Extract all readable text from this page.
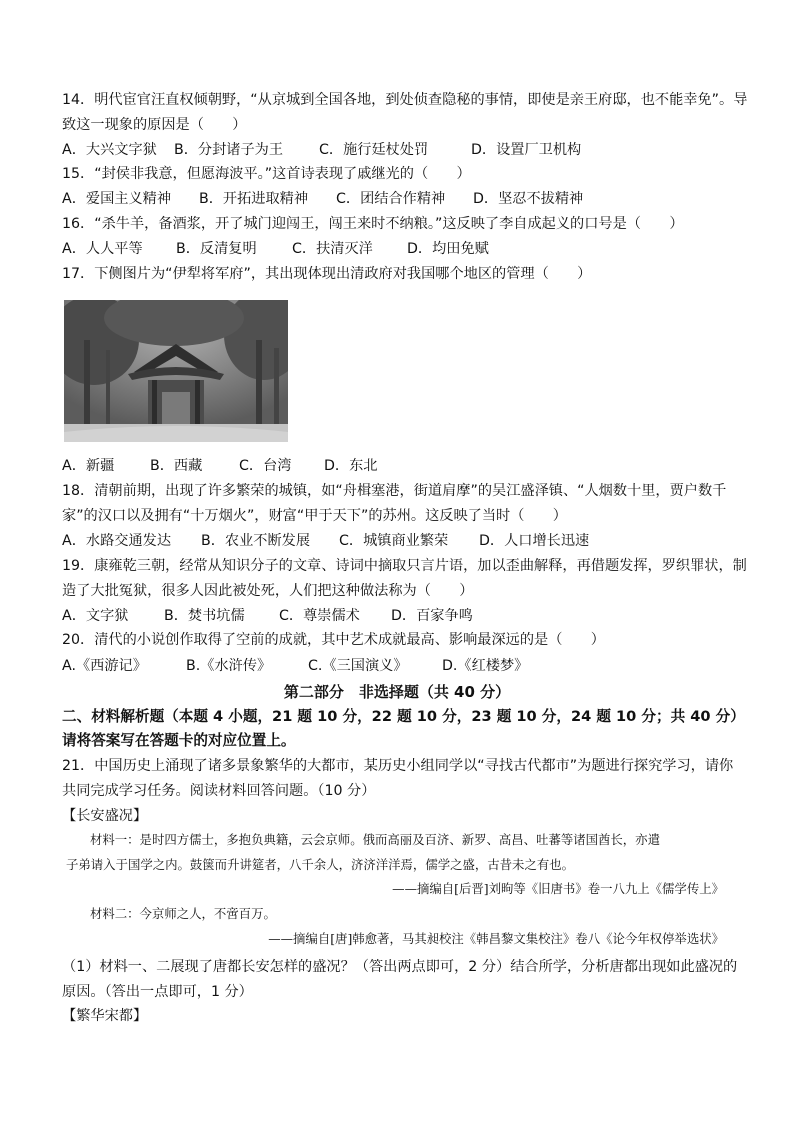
14．明代宦官汪直权倾朝野，“从京城到全国各地，到处侦查隐秘的事情，即使是亲王府邸，也不能幸免”。导
致这一现象的原因是（　　）
A．大兴文字狱 B．分封诸子为王	C．施行廷杖处罚	D．设置厂卫机构
15．“封侯非我意，但愿海波平。”这首诗表现了戚继光的（　　）
A．爱国主义精神 B．开拓进取精神 C．团结合作精神 D．坚忍不拔精神
16．“杀牛羊，备酒浆，开了城门迎闯王，闯王来时不纳粮。”这反映了李自成起义的口号是（　　）
A．人人平等 B．反清复明 C．扶清灭洋 D．均田免赋
17．下侧图片为“伊犁将军府”，其出现体现出清政府对我国哪个地区的管理（　　）
A．新疆	B．西藏	C．台湾 D．东北
18．清朝前期，出现了许多繁荣的城镇，如“舟楫塞港，街道肩摩”的吴江盛泽镇、“人烟数十里，贾户数千
家”的汉口以及拥有“十万烟火”，财富“甲于天下”的苏州。这反映了当时（　　）
A．水路交通发达 B．农业不断发展 C．城镇商业繁荣 D．人口增长迅速
19．康雍乾三朝，经常从知识分子的文章、诗词中摘取只言片语，加以歪曲解释，再借题发挥，罗织罪状，制
造了大批冤狱，很多人因此被处死，人们把这种做法称为（　　）
A．文字狱	B．焚书坑儒 C．尊崇儒术 D．百家争鸣
20．清代的小说创作取得了空前的成就，其中艺术成就最高、影响最深远的是（　　）
A.《西游记》	B.《水浒传》	C.《三国演义》 D.《红楼梦》
第二部分　非选择题（共 40 分）
二、材料解析题（本题 4 小题，21 题 10 分，22 题 10 分，23 题 10 分，24 题 10 分；共 40 分）
请将答案写在答题卡的对应位置上。
21．中国历史上涌现了诸多景象繁华的大都市，某历史小组同学以“寻找古代都市”为题进行探究学习，请你
共同完成学习任务。阅读材料回答问题。（10 分）
【长安盛况】
材料一：是时四方儒士，多抱负典籍，云会京师。俄而高丽及百济、新罗、高昌、吐蕃等诸国酋长，亦遣
子弟请入于国学之内。鼓箧而升讲筵者，八千余人，济济洋洋焉，儒学之盛，古昔未之有也。
——摘编自[后晋]刘昫等《旧唐书》卷一八九上《儒学传上》
材料二：今京师之人，不啻百万。
——摘编自[唐]韩愈著，马其昶校注《韩昌黎文集校注》卷八《论今年权停举选状》
（1）材料一、二展现了唐都长安怎样的盛况？（答出两点即可，2 分）结合所学，分析唐都出现如此盛况的
原因。（答出一点即可，1 分）
【繁华宋都】
